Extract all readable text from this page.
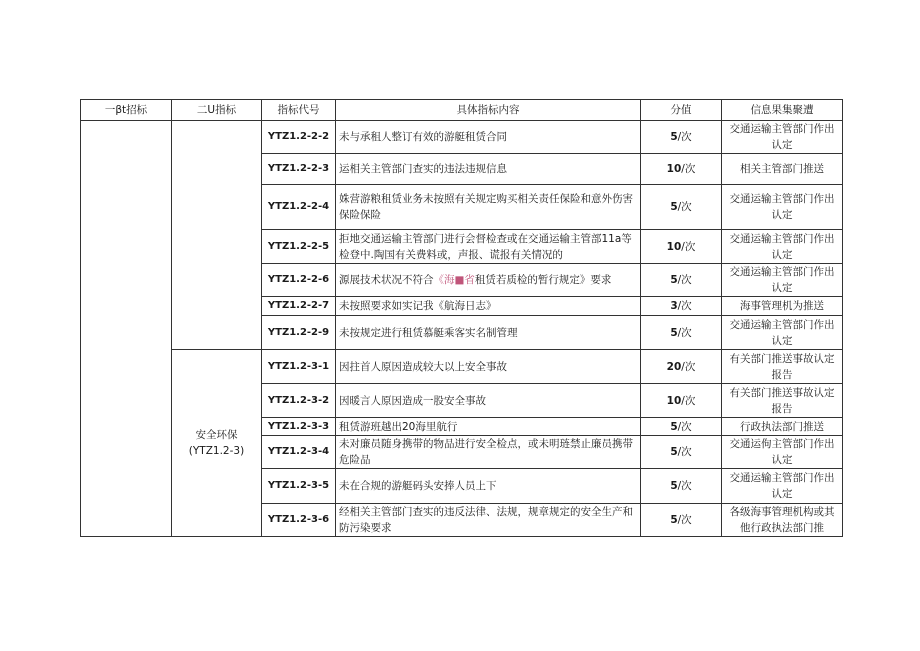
一βt招标	二U指标	指标代号	具体指标内容	分值	信息果集聚遭
		YTZ1.2-2-2	未与承租人整订有效的游艇租赁合同	5/次	交通运输主管部门作出认定
		YTZ1.2-2-3	运相关主管部门查实的违法违规信息	10/次	相关主管部门推送
		YTZ1.2-2-4	姝营游粮租赁业务未按照有关规定购买相关责任保险和意外伤害保险保险	5/次	交通运输主管部门作出认定
		YTZ1.2-2-5	拒地交通运输主管部门进行会督检查或在交通运输主管部11a等检登中.陶国有关费料或，声报、谎报有关情况的	10/次	交通运输主管部门作出认定
		YTZ1.2-2-6	源展技术状况不符合《海■省租赁若质检的暂行规定》要求	5/次	交通运输主管部门作出认定
		YTZ1.2-2-7	未按照要求如实记我《航海日志》	3/次	海事管理机为推送
		YTZ1.2-2-9	未按规定进行租赁慕艇乘客实名制管理	5/次	交通运输主管部门作出认定
	安全环保(YTZ1.2-3)	YTZ1.2-3-1	因拄首人原因造成较大以上安全事故	20/次	有关部门推送事故认定报告
		YTZ1.2-3-2	因暖言人原因造成一股安全事故	10/次	有关部门推送事故认定报告
		YTZ1.2-3-3	租赁游班越出20海里航行	5/次	行政执法部门推送
		YTZ1.2-3-4	未对廉员随身携带的物品进行安全检点，或未明琏禁止廉员携带危险品	5/次	交通运佝主管部门作出认定
		YTZ1.2-3-5	未在合规的游艇码头安捧人员上下	5/次	交通运输主管部门作出认定
		YTZ1.2-3-6	经相关主管部门查实的违反法律、法规，规章规定的安全生产和防污染要求	5/次	各级海事管理机构或其他行政执法部门推
